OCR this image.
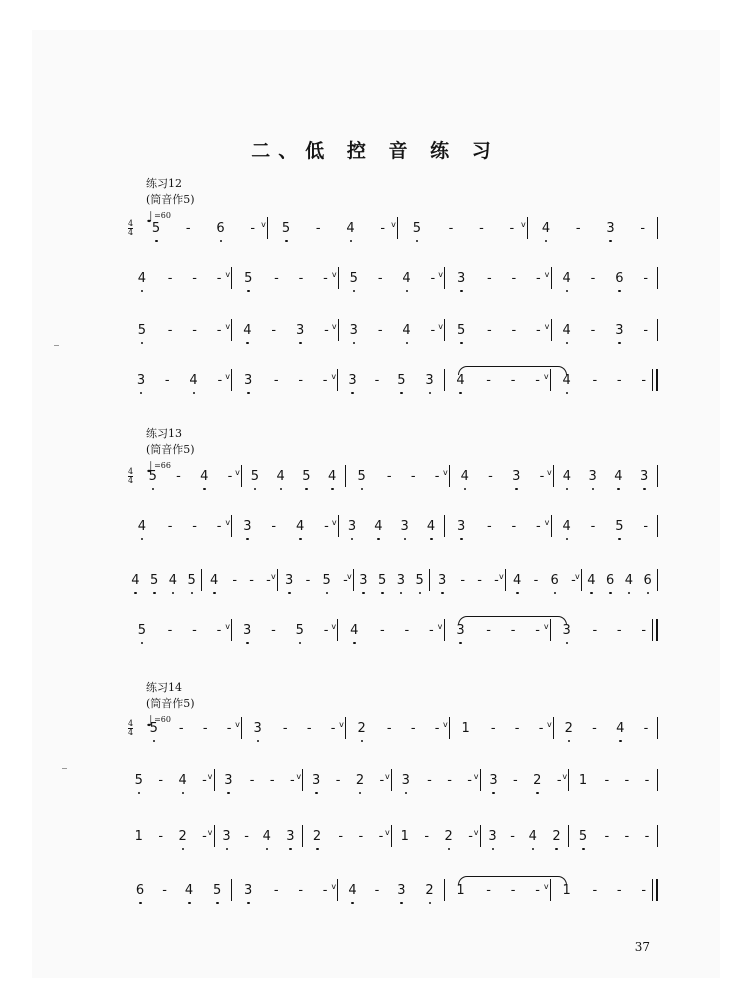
二、低 控 音 练 习
练习12
(筒音作5)
♩ =60
4
4 5 - 6 - v 5 - 4 - v 5 - - - v 4 - 3 -
4 - - - v 5 - - - v 5 - 4 - v 3 - - - v 4 - 6 -
5 - - - v 4 - 3 - v 3 - 4 - v 5 - - - v 4 - 3 -
3 - 4 - v 3 - - - v 3 - 5 3 4 - - - v 4 - - -
练习13
(筒音作5)
♩ =66
4
4 5 - 4 - v 5 4 5 4 5 - - - v 4 - 3 - v 4 3 4 3
4 - - - v 3 - 4 - v 3 4 3 4 3 - - - v 4 - 5 -
4 5 4 5 4 - - - v 3 - 5 - v 3 5 3 5 3 - - - v 4 - 6 - v 4 6 4 6
5 - - - v 3 - 5 - v 4 - - - v 3 - - - v 3 - - -
练习14
(筒音作5)
♩ =60
4
4 5 - - - v 3 - - - v 2 - - - v 1 - - - v 2 - 4 -
5 - 4 - v 3 - - - v 3 - 2 - v 3 - - - v 3 - 2 - v 1 - - -
1 - 2 - v 3 - 4 3 2 - - - v 1 - 2 - v 3 - 4 2 5 - - -
6 - 4 5 3 - - - v 4 - 3 2 1 - - - v 1 - - -
37
